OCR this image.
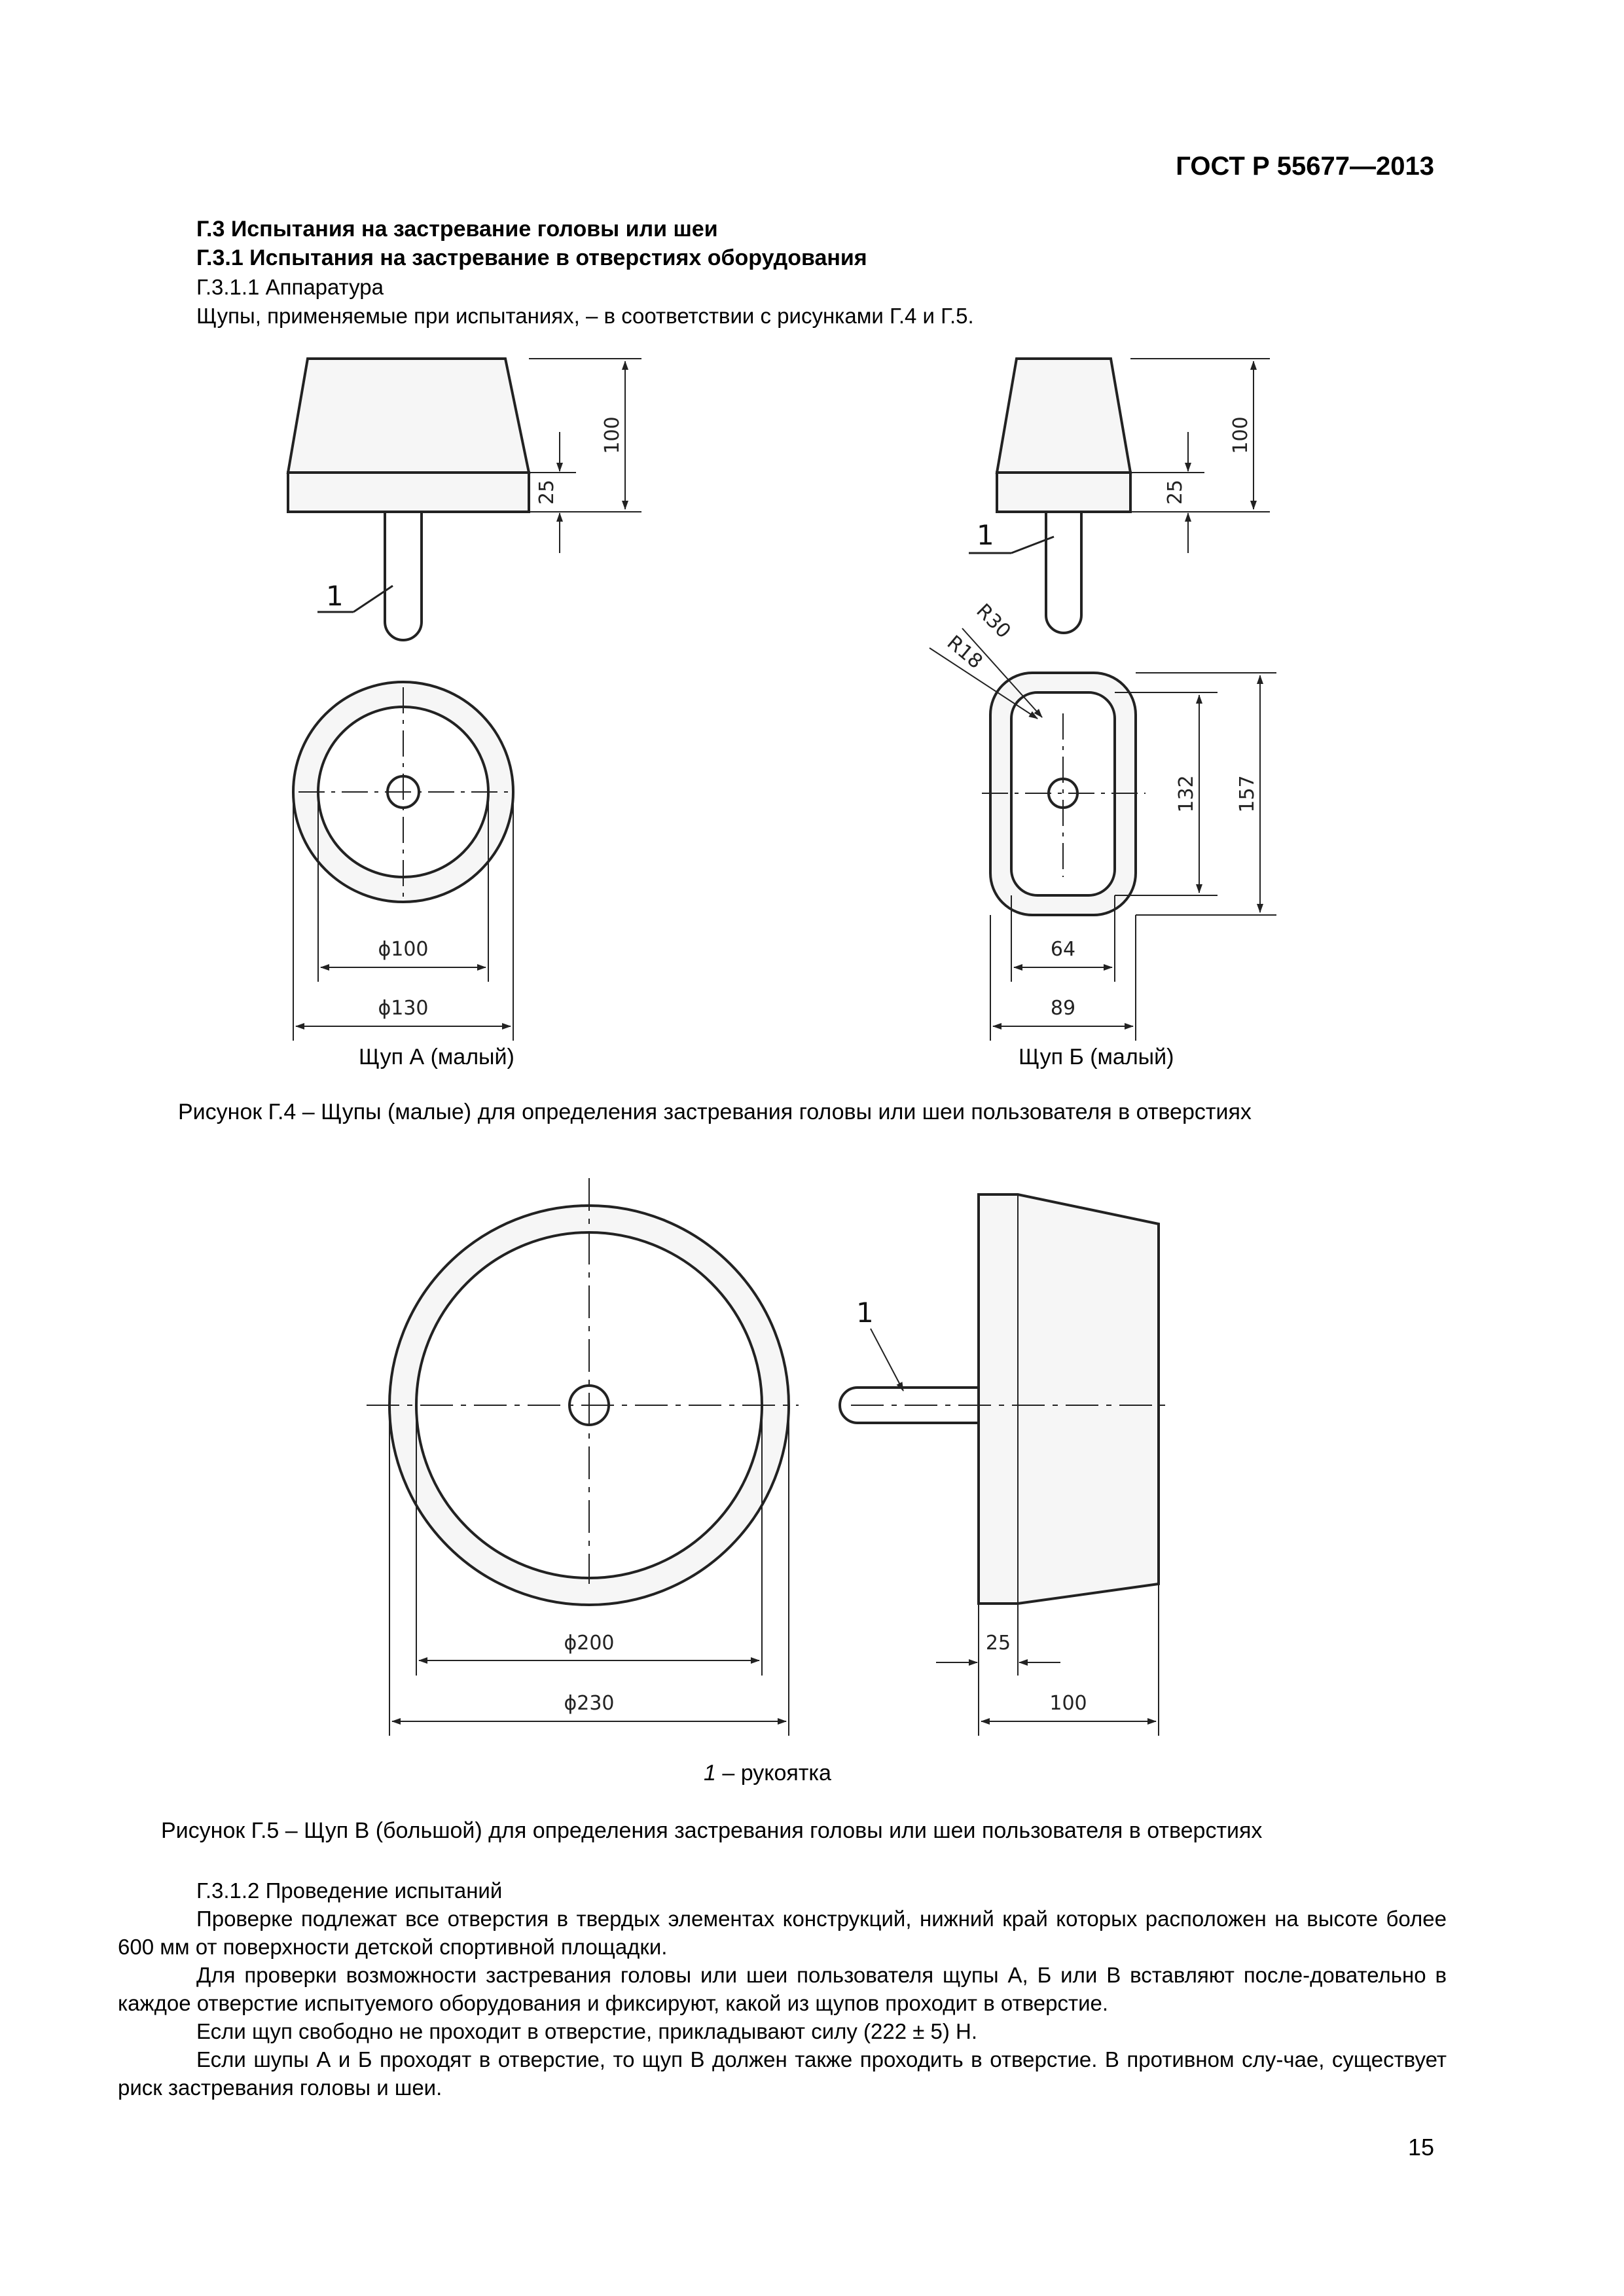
ГОСТ Р 55677—2013
Г.3 Испытания на застревание головы или шеи
Г.3.1 Испытания на застревание в отверстиях оборудования
Г.3.1.1 Аппаратура
Щупы, применяемые при испытаниях, – в соответствии с рисунками Г.4 и Г.5.
100
25
1
ϕ100
ϕ130
100
25
1
R30
R18
132 157
64
89
Щуп А (малый)	Щуп Б (малый)
Рисунок Г.4 – Щупы (малые) для определения застревания головы или шеи пользователя в отверстиях
ϕ200
ϕ230
25
100
1
1 – рукоятка
Рисунок Г.5 – Щуп В (большой) для определения застревания головы или шеи пользователя в отверстиях
Г.3.1.2 Проведение испытаний
Проверке подлежат все отверстия в твердых элементах конструкций, нижний край которых расположен на высоте более 600 мм от поверхности детской спортивной площадки.
Для проверки возможности застревания головы или шеи пользователя щупы А, Б или В вставляют после-довательно в каждое отверстие испытуемого оборудования и фиксируют, какой из щупов проходит в отверстие.
Если щуп свободно не проходит в отверстие, прикладывают силу (222 ± 5) Н.
Если шупы А и Б проходят в отверстие, то щуп В должен также проходить в отверстие. В противном слу-чае, существует риск застревания головы и шеи.
15
